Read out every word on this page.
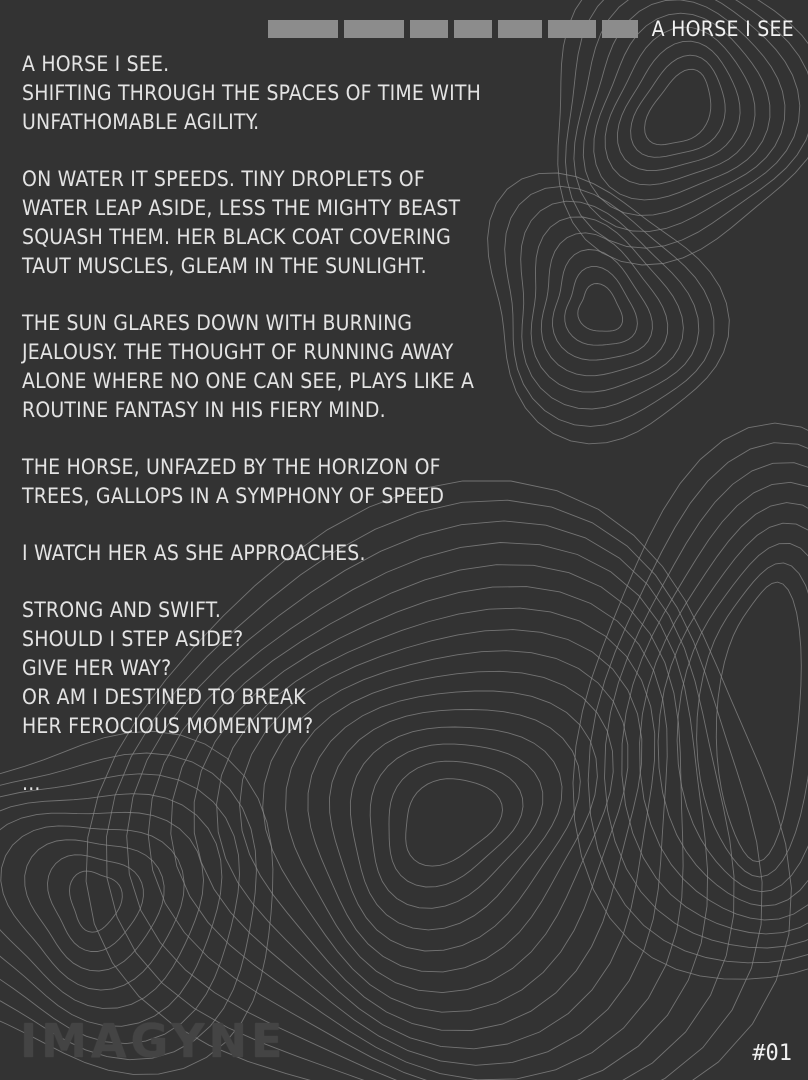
A HORSE I SEE
A HORSE I SEE.
SHIFTING THROUGH THE SPACES OF TIME WITH
UNFATHOMABLE AGILITY.
ON WATER IT SPEEDS. TINY DROPLETS OF
WATER LEAP ASIDE, LESS THE MIGHTY BEAST
SQUASH THEM. HER BLACK COAT COVERING
TAUT MUSCLES, GLEAM IN THE SUNLIGHT.
THE SUN GLARES DOWN WITH BURNING
JEALOUSY. THE THOUGHT OF RUNNING AWAY
ALONE WHERE NO ONE CAN SEE, PLAYS LIKE A
ROUTINE FANTASY IN HIS FIERY MIND.
THE HORSE, UNFAZED BY THE HORIZON OF
TREES, GALLOPS IN A SYMPHONY OF SPEED
I WATCH HER AS SHE APPROACHES.
STRONG AND SWIFT.
SHOULD I STEP ASIDE?
GIVE HER WAY?
OR AM I DESTINED TO BREAK
HER FEROCIOUS MOMENTUM?
...
IMAGYNE	#01
